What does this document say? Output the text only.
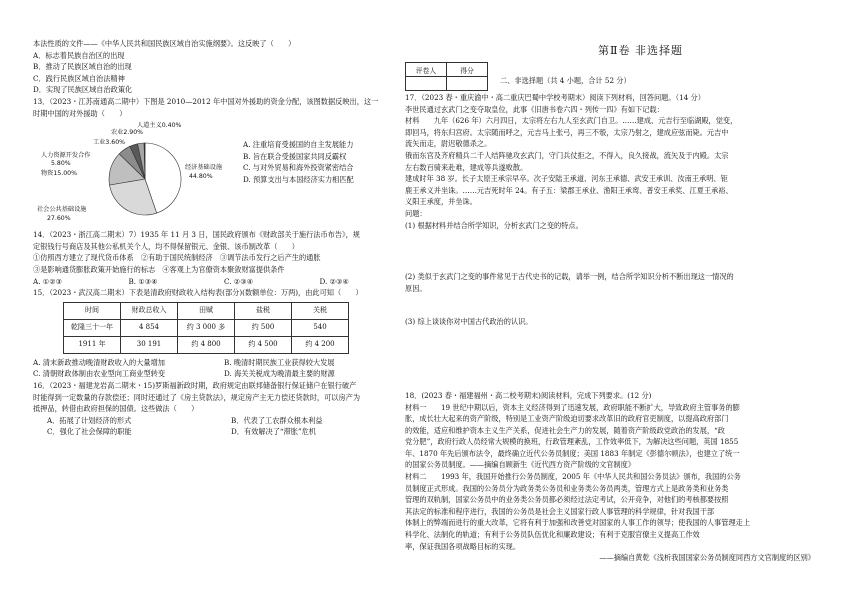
本法性质的文件——《中华人民共和国民族区域自治实施纲要》。这反映了（　　）
A．标志着民族自治区的出现
B．推动了民族区域自治的出现
C．践行民族区域自治法精神
D．实现了民族区域自治政策化
13．（2023・江苏南通高二期中）下图是 2010—2012 年中国对外援助的资金分配，该图数据反映出，这一
时期中国的对外援助（　　）
人道主义0.40%
农业2.90%
工业3.60%
人力资源开发合作
5.80%
物资15.00%
社会公共基础设施
27.60%
经济基础设施
44.80%
A. 注重培育受援国的自主发展能力
B. 旨在联合受援国家共同反霸权
C. 与对外贸易和海外投资紧密结合
D. 预算支出与本国经济实力相匹配
14．（2023・浙江高二期末）7）1935 年 11 月 3 日，国民政府颁布《财政部关于施行法币布告》，规
定银钱行号商店及其他公私机关个人，均不得保留银元、金银、该币制改革（　　）
①仿照西方建立了现代货币体系　②有助于国民统制经济　③调节法币发行之后产生的通胀
③是影响通货膨胀政策开始施行的标志　④客观上为官僚资本聚敛财富提供条件
A. ①②③	B. ①③④	C. ②③④	D. ②③④
15．（2023・武汉高二期末）下表是清政府财政收入结构表(部分)(数额单位：万两)，由此可知（　　）
时间	财政总收入	田赋	盐税	关税
乾隆三十一年	4 854	约 3 000 多	约 500	540
1911 年	30 191	约 4 800	约 4 500	约 4 200
A. 清末新政推动晚清财政收入的大量增加	B. 晚清时期民族工业获得较大发展
C. 清朝财政体制由农业型向工商业型转变	D. 海关关税成为晚清最主要的财源
16．（2023・福建龙岩高二期末・15)罗斯福新政时期，政府规定由联邦储备银行保证储户在银行破产
时能得到一定数量的存款偿还；同时还通过了《房主贷款法》，规定房产主无力偿还贷款时，可以房产为
抵押品，转借由政府担保的国债。这些做法（　　）
A．拓展了计划经济的形式	B．代表了工农群众根本利益
C．强化了社会保障的职能	D．有效解决了“滞胀”危机
第Ⅱ卷 非选择题
评卷人	得分

二、非选择题（共 4 小题，合计 52 分）
17．（2023 春・重庆渝中・高二重庆巴蜀中学校考期末）阅读下列材料，回答问题。（14 分）
李世民通过玄武门之变夺取皇位，此事《旧唐书卷六四・列传一四》有如下记载：
材料　　九年（626 年）六月四日，太宗将左右九人至玄武门自卫。……建成、元吉行至临湖殿，觉变，
即回马，将东归宫府。太宗随而呼之，元吉马上张弓，再三不彀，太宗乃射之，建成应弦而毙。元吉中
流矢而走，尉迟敬德杀之。
俄而东宫及齐府精兵二千人结阵驰攻玄武门，守门兵仗拒之，不得入，良久接战，流矢及于内殿。太宗
左右数百骑来赴难，建成等兵遂败散。
建成时年 38 岁。长子太原王承宗早卒。次子安陆王承道、河东王承德、武安王承训、汝南王承明、钜
鹿王承义并坐诛。……元吉死时年 24。有子五：梁郡王承业、渔阳王承鸾、普安王承奖、江夏王承裕、
义阳王承度，并坐诛。
问题：
(1) 根据材料并结合所学知识，分析玄武门之变的特点。
(2) 类似于玄武门之变的事件常见于古代史书的记载，请举一例，结合所学知识分析不断出现这一情况的
原因。
(3) 综上谈谈你对中国古代政治的认识。
18．(2023 春・福建福州・高二校考期末)阅读材料，完成下列要求。(12 分)
材料一　　19 世纪中期以后，资本主义经济得到了迅速发展，政府职能不断扩大，导致政府主管事务的膨
胀，成长壮大起来的资产阶级，特别是工业资产阶级迫切要求改革旧的政府官吏制度，以提高政府部门
的效能，适应和维护资本主义生产关系，促进社会生产力的发展，随着资产阶级政党政治的发展，“政
党分肥”，政府行政人员经常大规模的换班，行政管理紊乱，工作效率低下，为解决这些问题，英国 1855
年、1870 年先后颁布法令，最终确立近代公务员制度；美国 1883 年制定《彭德尔顿法》，也建立了统一
的国家公务员制度。——摘编自顾新生《近代西方资产阶级的文官制度》
材料二　　1993 年，我国开始推行公务员制度，2005 年《中华人民共和国公务员法》颁布，我国的公务
员制度正式形成。我国的公务员分为政务类公务员和业务类公务员两类，管理方式上是政务类和业务类
管理的双轨制，国家公务员中的业务类公务员都必须经过法定考试，公开竞争，对他们的考核都要按照
其法定的标准和程序进行，我国的公务员是社会主义国家行政人事管理的科学规律，针对我国干部
体制上的弊端而进行的重大改革，它将有利于加强和改善党对国家的人事工作的领导；使我国的人事管理走上
科学化、法制化的轨道；有利于公务员队伍优化和廉政建设；有利于克服官僚主义提高工作效
率，保证我国各项战略目标的实现。
——摘编自黄乾《浅析我国国家公务员制度同西方文官制度的区别》
